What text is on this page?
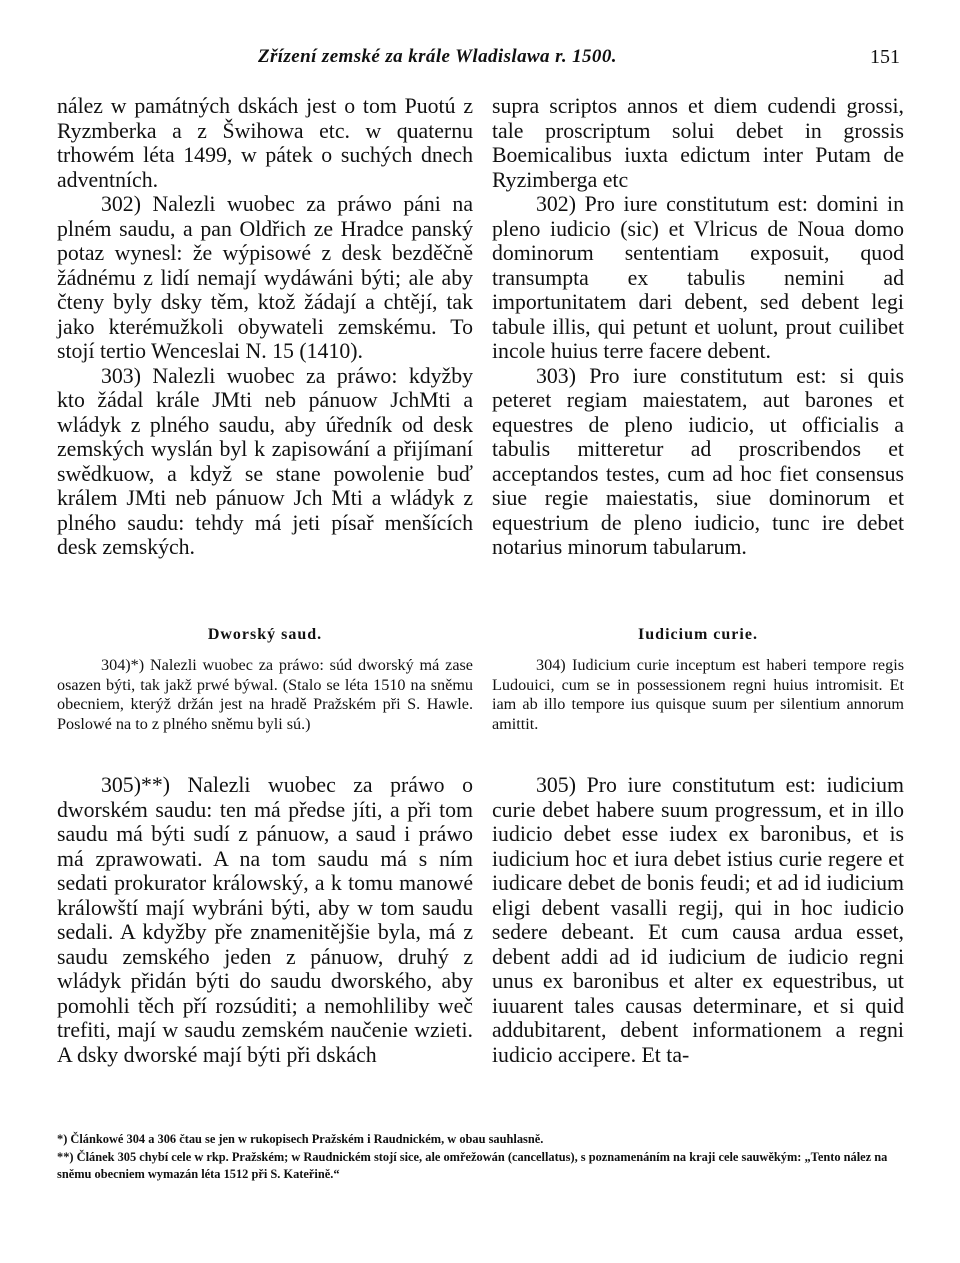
Zřízení zemské za krále Wladislawa r. 1500.	151

nález w památných dskách jest o tom Puotú z Ryzmberka a z Šwihowa etc. w quaternu trhowém léta 1499, w pátek o suchých dnech adventních.

302) Nalezli wuobec za práwo páni na plném saudu, a pan Oldřich ze Hradce panský potaz wynesl: že wýpisowé z desk bezděčně žádnému z lidí nemají wydáwáni býti; ale aby čteny byly dsky těm, ktož žádají a chtějí, tak jako kterémužkoli obywateli zemskému. To stojí tertio Wenceslai N. 15 (1410).

303) Nalezli wuobec za práwo: kdyžby kto žádal krále JMti neb pánuow JchMti a wládyk z plného saudu, aby úředník od desk zemských wyslán byl k zapisowání a přijímaní swědkuow, a když se stane powolenie buď králem JMti neb pánuow Jch Mti a wládyk z plného saudu: tehdy má jeti písař menšících desk zemských.

supra scriptos annos et diem cudendi grossi, tale proscriptum solui debet in grossis Boemicalibus iuxta edictum inter Putam de Ryzimberga etc

302) Pro iure constitutum est: domini in pleno iudicio (sic) et Vlricus de Noua domo dominorum sententiam exposuit, quod transumpta ex tabulis nemini ad importunitatem dari debent, sed debent legi tabule illis, qui petunt et uolunt, prout cuilibet incole huius terre facere debent.

303) Pro iure constitutum est: si quis peteret regiam maiestatem, aut barones et equestres de pleno iudicio, ut officialis a tabulis mitteretur ad proscribendos et acceptandos testes, cum ad hoc fiet consensus siue regie maiestatis, siue dominorum et equestrium de pleno iudicio, tunc ire debet notarius minorum tabularum.

Dworský saud.	Iudicium curie.

304)*) Nalezli wuobec za práwo: súd dworský má zase osazen býti, tak jakž prwé býwal. (Stalo se léta 1510 na sněmu obecniem, kterýž držán jest na hradě Pražském při S. Hawle. Poslowé na to z plného sněmu byli sú.)

304) Iudicium curie inceptum est haberi tempore regis Ludouici, cum se in possessionem regni huius intromisit. Et iam ab illo tempore ius quisque suum per silentium annorum amittit.

305)**) Nalezli wuobec za práwo o dworském saudu: ten má předse jíti, a při tom saudu má býti sudí z pánuow, a saud i práwo má zprawowati. A na tom saudu má s ním sedati prokurator králowský, a k tomu manowé králowští mají wybráni býti, aby w tom saudu sedali. A kdyžby pře znamenitějšie byla, má z saudu zemského jeden z pánuow, druhý z wládyk přidán býti do saudu dworského, aby pomohli těch pří rozsúditi; a nemohliliby weč trefiti, mají w saudu zemském naučenie wzieti. A dsky dworské mají býti při dskách

305) Pro iure constitutum est: iudicium curie debet habere suum progressum, et in illo iudicio debet esse iudex ex baronibus, et is iudicium hoc et iura debet istius curie regere et iudicare debet de bonis feudi; et ad id iudicium eligi debent vasalli regij, qui in hoc iudicio sedere debeant. Et cum causa ardua esset, debent addi ad id iudicium de iudicio regni unus ex baronibus et alter ex equestribus, ut iuuarent tales causas determinare, et si quid addubitarent, debent informationem a regni iudicio accipere. Et ta-

*) Článkowé 304 a 306 čtau se jen w rukopisech Pražském i Raudnickém, w obau sauhlasně.

**) Článek 305 chybí cele w rkp. Pražském; w Raudnickém stojí sice, ale omřežowán (cancellatus), s poznamenáním na kraji cele sauwěkým: „Tento nález na sněmu obecniem wymazán léta 1512 při S. Kateřině.“
